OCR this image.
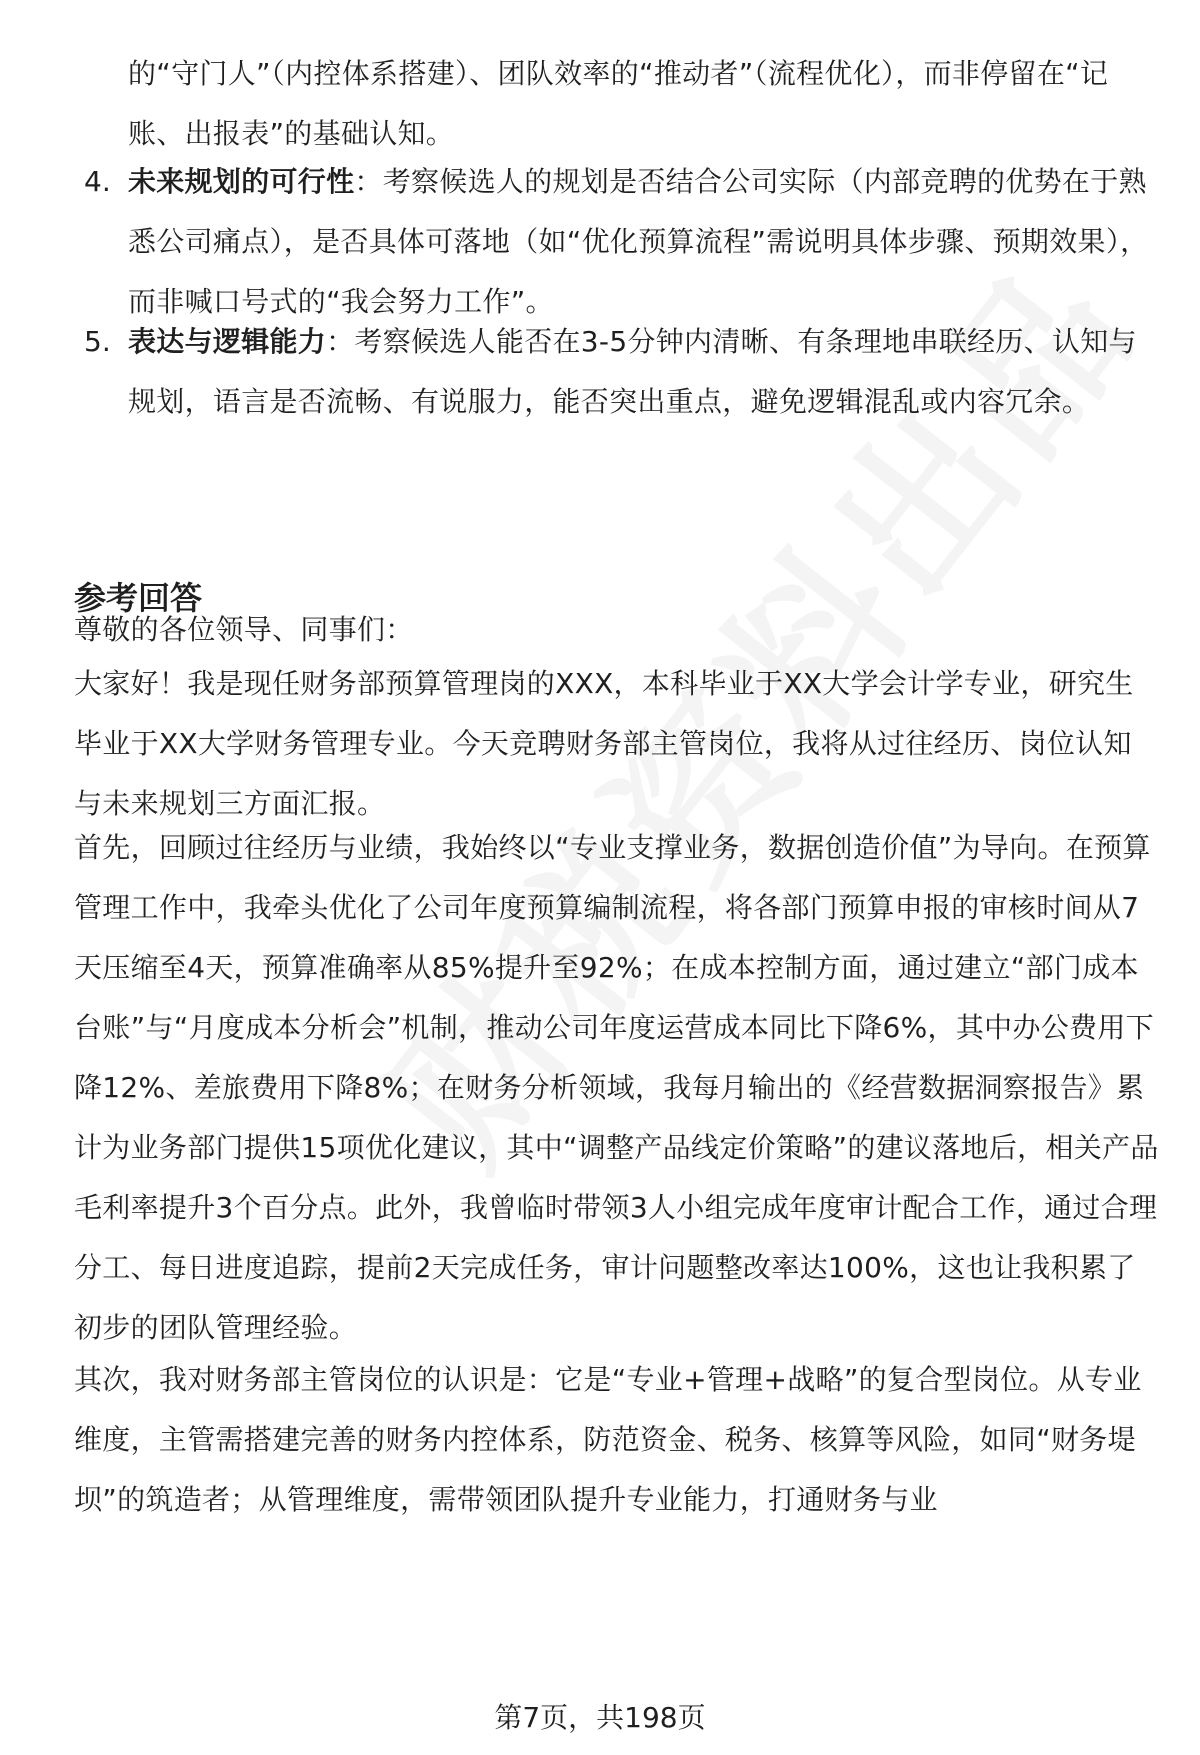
的“守门人”（内控体系搭建）、团队效率的“推动者”（流程优化），而非停留在“记账、出报表”的基础认知。

4. 未来规划的可行性：考察候选人的规划是否结合公司实际（内部竞聘的优势在于熟悉公司痛点），是否具体可落地（如“优化预算流程”需说明具体步骤、预期效果），而非喊口号式的“我会努力工作”。

5. 表达与逻辑能力：考察候选人能否在3-5分钟内清晰、有条理地串联经历、认知与规划，语言是否流畅、有说服力，能否突出重点，避免逻辑混乱或内容冗余。

参考回答

尊敬的各位领导、同事们：

大家好！我是现任财务部预算管理岗的XXX，本科毕业于XX大学会计学专业，研究生毕业于XX大学财务管理专业。今天竞聘财务部主管岗位，我将从过往经历、岗位认知与未来规划三方面汇报。

首先，回顾过往经历与业绩，我始终以“专业支撑业务，数据创造价值”为导向。在预算管理工作中，我牵头优化了公司年度预算编制流程，将各部门预算申报的审核时间从7天压缩至4天，预算准确率从85%提升至92%；在成本控制方面，通过建立“部门成本台账”与“月度成本分析会”机制，推动公司年度运营成本同比下降6%，其中办公费用下降12%、差旅费用下降8%；在财务分析领域，我每月输出的《经营数据洞察报告》累计为业务部门提供15项优化建议，其中“调整产品线定价策略”的建议落地后，相关产品毛利率提升3个百分点。此外，我曾临时带领3人小组完成年度审计配合工作，通过合理分工、每日进度追踪，提前2天完成任务，审计问题整改率达100%，这也让我积累了初步的团队管理经验。

其次，我对财务部主管岗位的认识是：它是“专业+管理+战略”的复合型岗位。从专业维度，主管需搭建完善的财务内控体系，防范资金、税务、核算等风险，如同“财务堤坝”的筑造者；从管理维度，需带领团队提升专业能力，打通财务与业

第7页，共198页
